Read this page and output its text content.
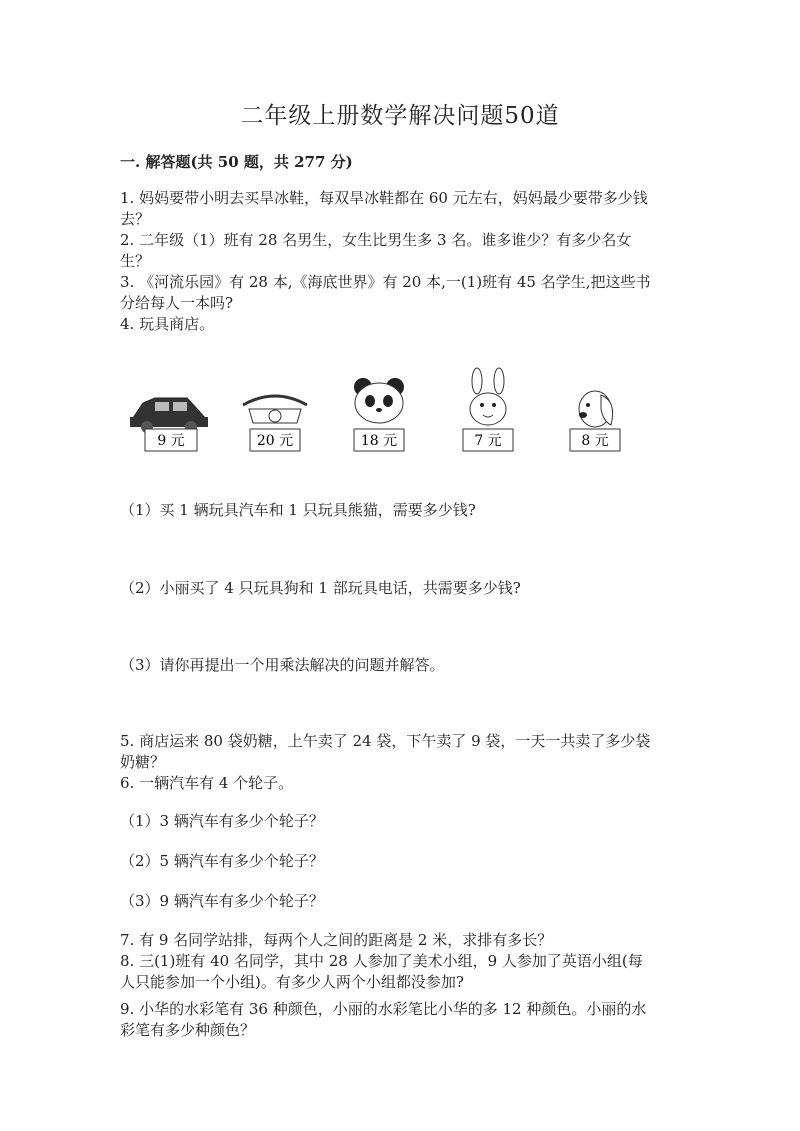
二年级上册数学解决问题50道
一. 解答题(共 50 题，共 277 分)
1. 妈妈要带小明去买旱冰鞋，每双旱冰鞋都在 60 元左右，妈妈最少要带多少钱
去？
2. 二年级（1）班有 28 名男生，女生比男生多 3 名。谁多谁少？有多少名女
生？
3. 《河流乐园》有 28 本,《海底世界》有 20 本,一(1)班有 45 名学生,把这些书
分给每人一本吗?
4. 玩具商店。
9 元	20 元	18 元	7 元	8 元
（1）买 1 辆玩具汽车和 1 只玩具熊猫，需要多少钱?
（2）小丽买了 4 只玩具狗和 1 部玩具电话，共需要多少钱?
（3）请你再提出一个用乘法解决的问题并解答。
5. 商店运来 80 袋奶糖，上午卖了 24 袋，下午卖了 9 袋，一天一共卖了多少袋
奶糖？
6. 一辆汽车有 4 个轮子。
（1）3 辆汽车有多少个轮子？
（2）5 辆汽车有多少个轮子？
（3）9 辆汽车有多少个轮子？
7. 有 9 名同学站排，每两个人之间的距离是 2 米，求排有多长？
8. 三(1)班有 40 名同学，其中 28 人参加了美术小组，9 人参加了英语小组(每
人只能参加一个小组)。有多少人两个小组都没参加?
9. 小华的水彩笔有 36 种颜色，小丽的水彩笔比小华的多 12 种颜色。小丽的水
彩笔有多少种颜色？
